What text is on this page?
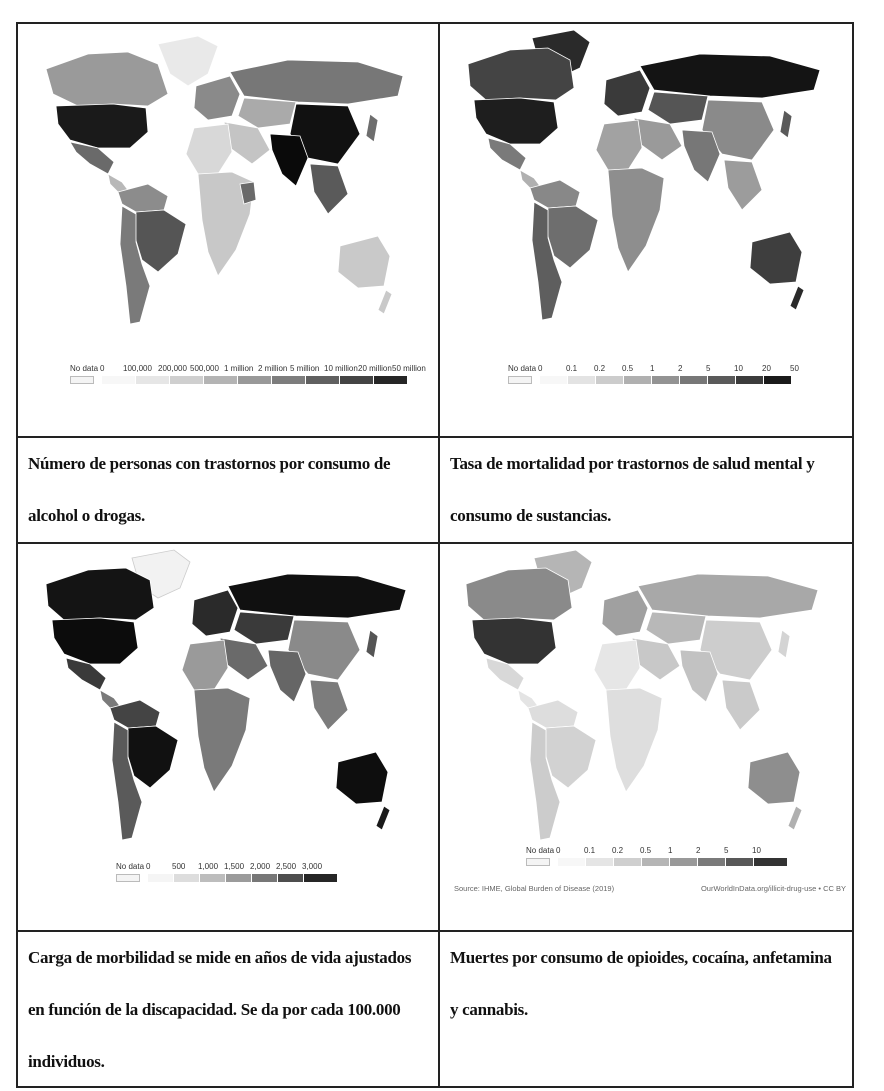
No data 0 100,000 200,000 500,000 1 million 2 million 5 million 10 million 20 million 50 million	No data 0	0.1 0.2 0.5 1	2	5	10 20 50
Número de personas con trastornos por consumo de alcohol o drogas.
Tasa de mortalidad por trastornos de salud mental y consumo de sustancias.
No data 0	500 1,000 1,500 2,000 2,500 3,000
No data 0	0.1 0.2 0.5 1	2	5	10
Source: IHME, Global Burden of Disease (2019)	OurWorldInData.org/illicit-drug-use • CC BY
Carga de morbilidad se mide en años de vida ajustados en función de la discapacidad. Se da por cada 100.000 individuos.
Muertes por consumo de opioides, cocaína, anfetamina y cannabis.
